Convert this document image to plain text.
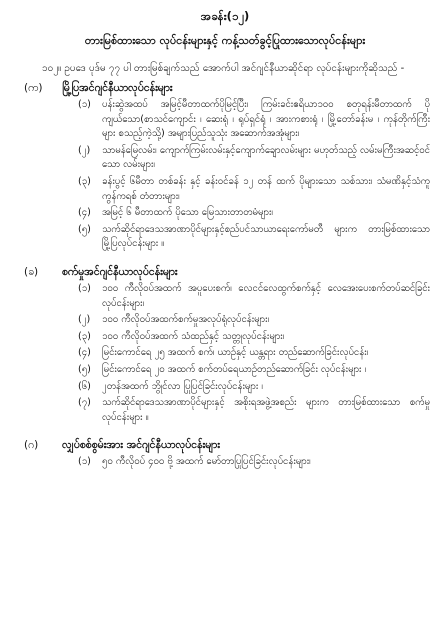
အခန်း(၁၂)
တားမြစ်ထားသော လုပ်ငန်းများနှင့် ကန့်သတ်ခွင့်ပြုထားသောလုပ်ငန်းများ
၁၀၂။ ဥပဒေ ပုဒ်မ ၇၇ ပါ တားမြစ်ချက်သည် အောက်ပါ အင်ဂျင်နီယာဆိုင်ရာ လုပ်ငန်းများကိုဆိုသည် -
(က)	မြို့ပြအင်ဂျင်နီယာလုပ်ငန်းများ
(၁)	ပန်းဆွဲအထပ် အမြင့်မီတာထက်ပိုမြင့်ပြီး၊ ကြမ်းခင်းဧရိယာ၁၀၀ စတုရန်းမီတာထက် ပိုကျယ်သော(စာသင်ကျောင်း ၊ ဆေးရုံ ၊ ရုပ်ရှင်ရုံ ၊ အားကစားရုံ ၊ မြို့တော်ခန်းမ ၊ ကုန်တိုက်ကြီးများ စသည့်ကဲ့သို့) အများပြည်သူသုံး အဆောက်အအုံများ၊
(၂)	သာမန်မြေလမ်း၊ ကျောက်ကြမ်းလမ်းနှင့်ကျောက်ချောလမ်းများ မဟုတ်သည့် လမ်းမကြီးအဆင့်ဝင်သော လမ်းများ၊
(၃)	ခန်းပွင့် ၆မီတာ တစ်ခန်း နှင့် ခန်းဝင်ခန် ၁၂ တန် ထက် ပိုများသော သစ်သား၊ သံမဏိနှင့်သံကူကွန်ကရစ် တံတားများ၊
(၄)	အမြင့် ၆ မီတာထက် ပိုသော မြေသားတာတမံများ၊
(၅)	သက်ဆိုင်ရာဒေသအာဏာပိုင်များနှင့်စည်ပင်သာယာရေးကော်မတီ များက တားမြစ်ထားသော မြို့ပြလုပ်ငန်းများ ။
(ခ)	စက်မှုအင်ဂျင်နီယာလုပ်ငန်းများ
(၁)	၁၀၀ ကီလိုဝပ်အထက် အပူပေးစက်၊ လေငင်လေထွက်စက်နှင့် လေအေးပေးစက်တပ်ဆင်ခြင်း လုပ်ငန်းများ၊
(၂)	၁၀၀ ကီလိုဝပ်အထက်စက်မှုအလုပ်ရုံလုပ်ငန်းများ၊
(၃)	၁၀၀ ကီလိုဝပ်အထက် သံထည်နှင့် သတ္တုလုပ်ငန်းများ၊
(၄)	မြင်းကောင်ရေ ၂၅ အထက် စက်၊ ယာဉ်နှင့် ယန္တရား တည်ဆောက်ခြင်းလုပ်ငန်း၊
(၅)	မြင်းကောင်ရေ ၂၀ အထက် စက်တပ်ရေယာဉ်တည်ဆောက်ခြင်း လုပ်ငန်းများ ၊
(၆)	၂တန်အထက် ဘွိုင်လာ ပြုပြင်ခြင်းလုပ်ငန်းများ ၊
(၇)	သက်ဆိုင်ရာဒေသအာဏာပိုင်များနှင့် အစိုးရအဖွဲ့အစည်း များက တားမြစ်ထားသော စက်မှုလုပ်ငန်းများ ။
(ဂ)	လျှပ်စစ်စွမ်းအား အင်ဂျင်နီယာလုပ်ငန်းများ
(၁)	၅၀ ကီလိုဝပ် ၄၀၀ ဗို့ အထက် မော်တာပြုပြင်ခြင်းလုပ်ငန်းများ၊
